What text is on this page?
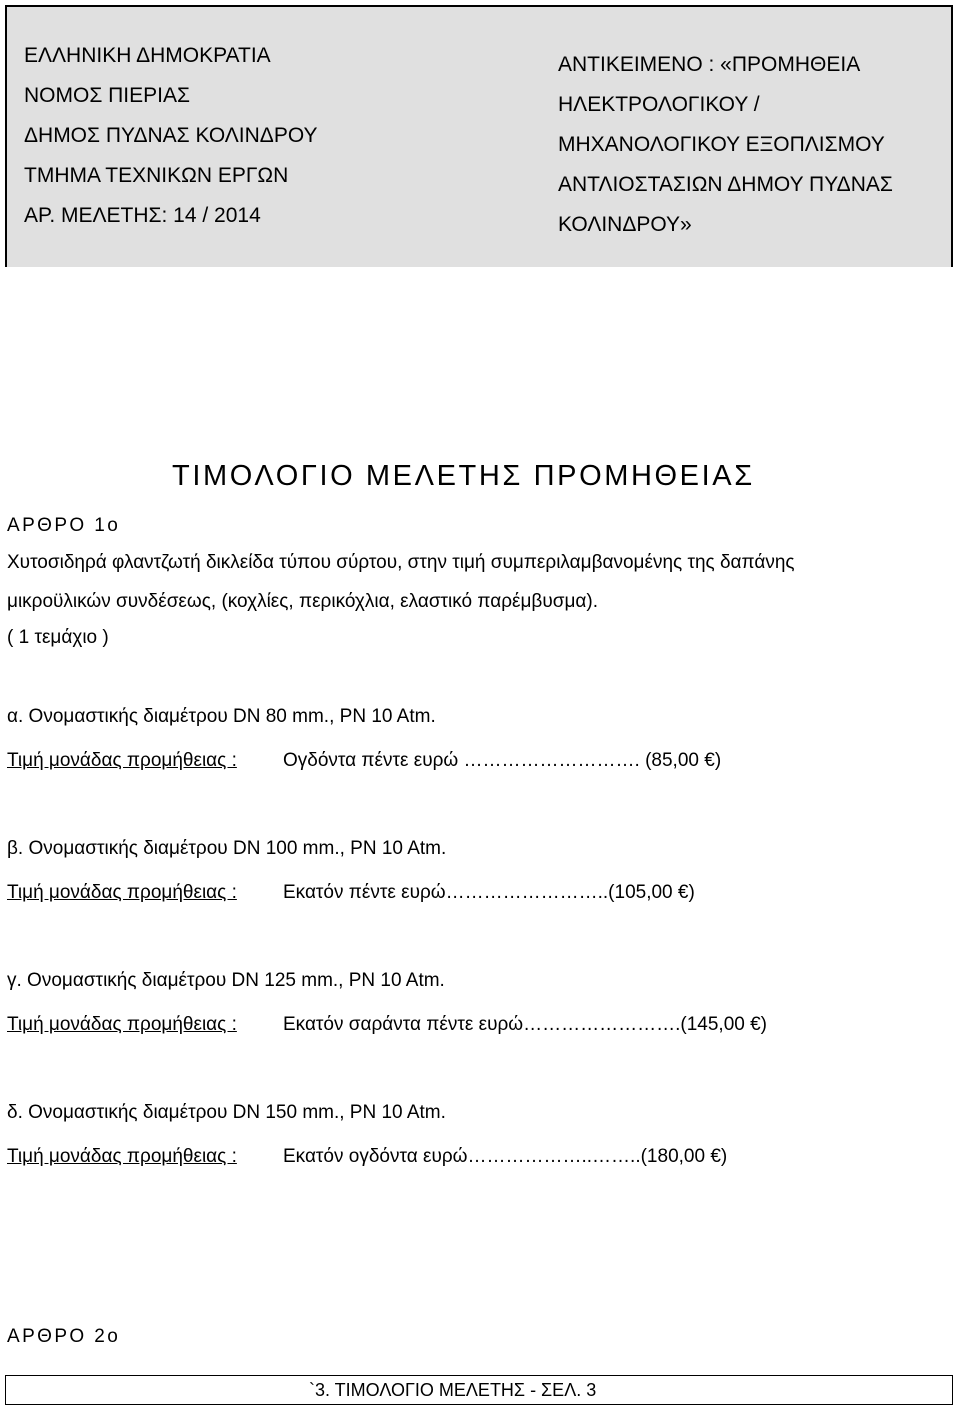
ΕΛΛΗΝΙΚΗ ΔΗΜΟΚΡΑΤΙΑ
ΝΟΜΟΣ ΠΙΕΡΙΑΣ
ΔΗΜΟΣ ΠΥΔΝΑΣ ΚΟΛΙΝΔΡΟΥ
ΤΜΗΜΑ ΤΕΧΝΙΚΩΝ ΕΡΓΩΝ
ΑΡ. ΜΕΛΕΤΗΣ: 14 / 2014
ΑΝΤΙΚΕΙΜΕΝΟ : «ΠΡΟΜΗΘΕΙΑ
ΗΛΕΚΤΡΟΛΟΓΙΚΟΥ /
ΜΗΧΑΝΟΛΟΓΙΚΟΥ ΕΞΟΠΛΙΣΜΟΥ
ΑΝΤΛΙΟΣΤΑΣΙΩΝ ΔΗΜΟΥ ΠΥΔΝΑΣ
ΚΟΛΙΝΔΡΟΥ»
ΤΙΜΟΛΟΓΙΟ ΜΕΛΕΤΗΣ ΠΡΟΜΗΘΕΙΑΣ
ΑΡΘΡΟ 1ο
Χυτοσιδηρά φλαντζωτή δικλείδα τύπου σύρτου, στην τιμή συμπεριλαμβανομένης της δαπάνης
μικροϋλικών συνδέσεως, (κοχλίες, περικόχλια, ελαστικό παρέμβυσμα).
( 1 τεμάχιο )
α. Ονομαστικής διαμέτρου DN 80 mm., PN 10 Atm.
Τιμή μονάδας προμήθειας : Ογδόντα πέντε ευρώ ………………………. (85,00 €)
β. Ονομαστικής διαμέτρου DN 100 mm., PN 10 Atm.
Τιμή μονάδας προμήθειας : Εκατόν πέντε ευρώ……………………..(105,00 €)
γ. Ονομαστικής διαμέτρου DN 125 mm., PN 10 Atm.
Τιμή μονάδας προμήθειας : Εκατόν σαράντα πέντε ευρώ…………………….(145,00 €)
δ. Ονομαστικής διαμέτρου DN 150 mm., PN 10 Atm.
Τιμή μονάδας προμήθειας : Εκατόν ογδόντα ευρώ………………..……..(180,00 €)
ΑΡΘΡΟ 2ο
`3. ΤΙΜΟΛΟΓΙΟ ΜΕΛΕΤΗΣ - ΣΕΛ. 3
